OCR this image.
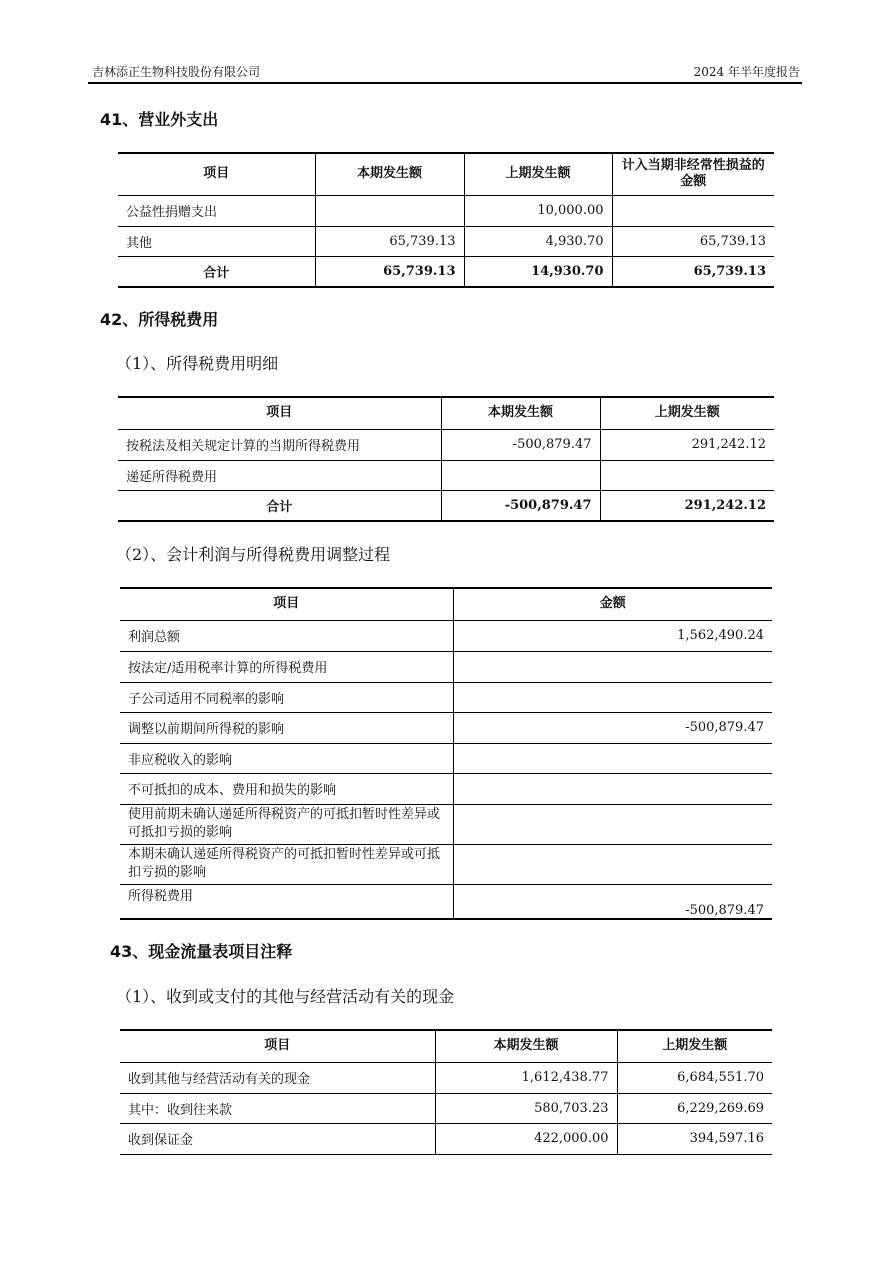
吉林添正生物科技股份有限公司	2024 年半年度报告
41、营业外支出
项目	本期发生额	上期发生额	计入当期非经常性损益的金额
公益性捐赠支出		10,000.00	
其他	65,739.13	4,930.70	65,739.13
合计	65,739.13	14,930.70	65,739.13
42、所得税费用
（1）、所得税费用明细
项目	本期发生额	上期发生额
按税法及相关规定计算的当期所得税费用	-500,879.47	291,242.12
递延所得税费用		
合计	-500,879.47	291,242.12
（2）、会计利润与所得税费用调整过程
项目	金额
利润总额	1,562,490.24
按法定/适用税率计算的所得税费用	
子公司适用不同税率的影响	
调整以前期间所得税的影响	-500,879.47
非应税收入的影响	
不可抵扣的成本、费用和损失的影响	
使用前期未确认递延所得税资产的可抵扣暂时性差异或可抵扣亏损的影响	
本期未确认递延所得税资产的可抵扣暂时性差异或可抵扣亏损的影响	
所得税费用	-500,879.47
43、现金流量表项目注释
（1）、收到或支付的其他与经营活动有关的现金
项目	本期发生额	上期发生额
收到其他与经营活动有关的现金	1,612,438.77	6,684,551.70
其中：收到往来款	580,703.23	6,229,269.69
收到保证金	422,000.00	394,597.16
